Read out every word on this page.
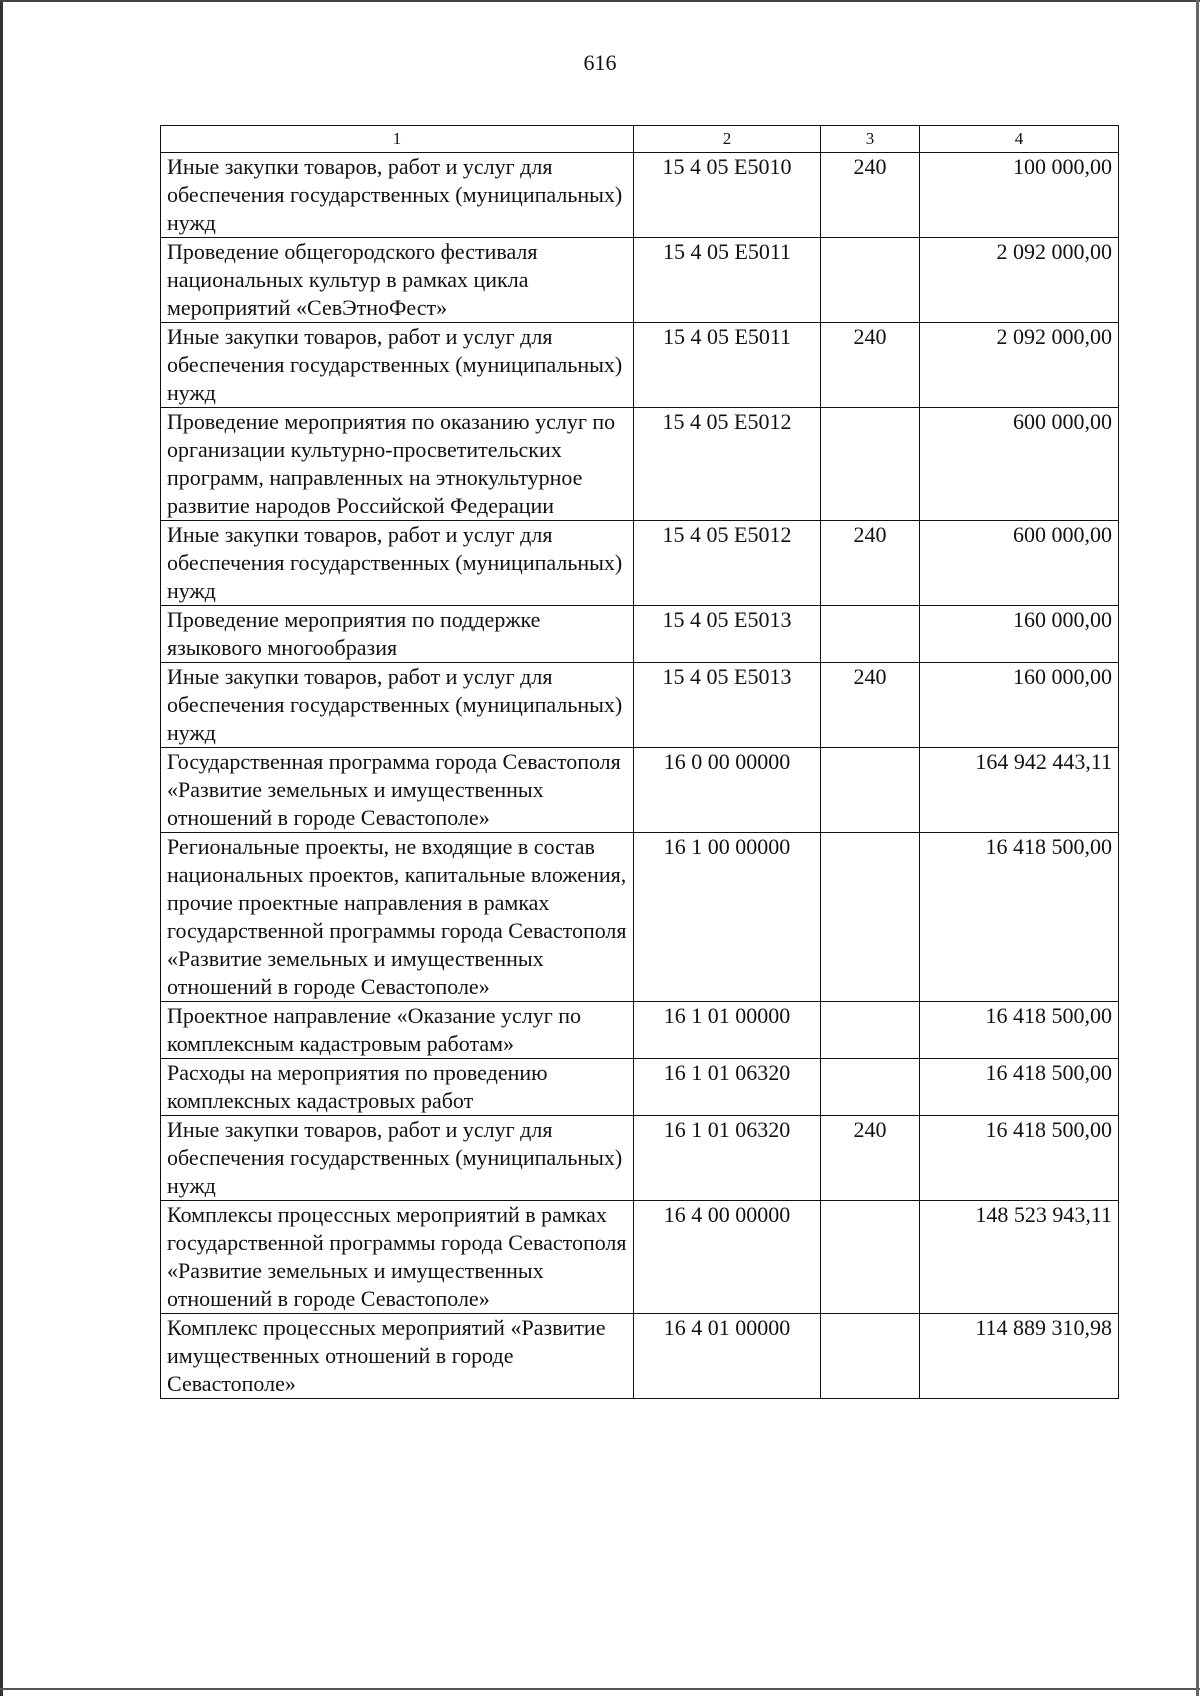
616
1	2	3	4
Иные закупки товаров, работ и услуг для обеспечения государственных (муниципальных) нужд	15 4 05 E5010	240	100 000,00
Проведение общегородского фестиваля национальных культур в рамках цикла мероприятий «СевЭтноФест»	15 4 05 E5011		2 092 000,00
Иные закупки товаров, работ и услуг для обеспечения государственных (муниципальных) нужд	15 4 05 E5011	240	2 092 000,00
Проведение мероприятия по оказанию услуг по организации культурно-просветительских программ, направленных на этнокультурное развитие народов Российской Федерации	15 4 05 E5012		600 000,00
Иные закупки товаров, работ и услуг для обеспечения государственных (муниципальных) нужд	15 4 05 E5012	240	600 000,00
Проведение мероприятия по поддержке языкового многообразия	15 4 05 E5013		160 000,00
Иные закупки товаров, работ и услуг для обеспечения государственных (муниципальных) нужд	15 4 05 E5013	240	160 000,00
Государственная программа города Севастополя «Развитие земельных и имущественных отношений в городе Севастополе»	16 0 00 00000		164 942 443,11
Региональные проекты, не входящие в состав национальных проектов, капитальные вложения, прочие проектные направления в рамках государственной программы города Севастополя «Развитие земельных и имущественных отношений в городе Севастополе»	16 1 00 00000		16 418 500,00
Проектное направление «Оказание услуг по комплексным кадастровым работам»	16 1 01 00000		16 418 500,00
Расходы на мероприятия по проведению комплексных кадастровых работ	16 1 01 06320		16 418 500,00
Иные закупки товаров, работ и услуг для обеспечения государственных (муниципальных) нужд	16 1 01 06320	240	16 418 500,00
Комплексы процессных мероприятий в рамках государственной программы города Севастополя «Развитие земельных и имущественных отношений в городе Севастополе»	16 4 00 00000		148 523 943,11
Комплекс процессных мероприятий «Развитие имущественных отношений в городе Севастополе»	16 4 01 00000		114 889 310,98
